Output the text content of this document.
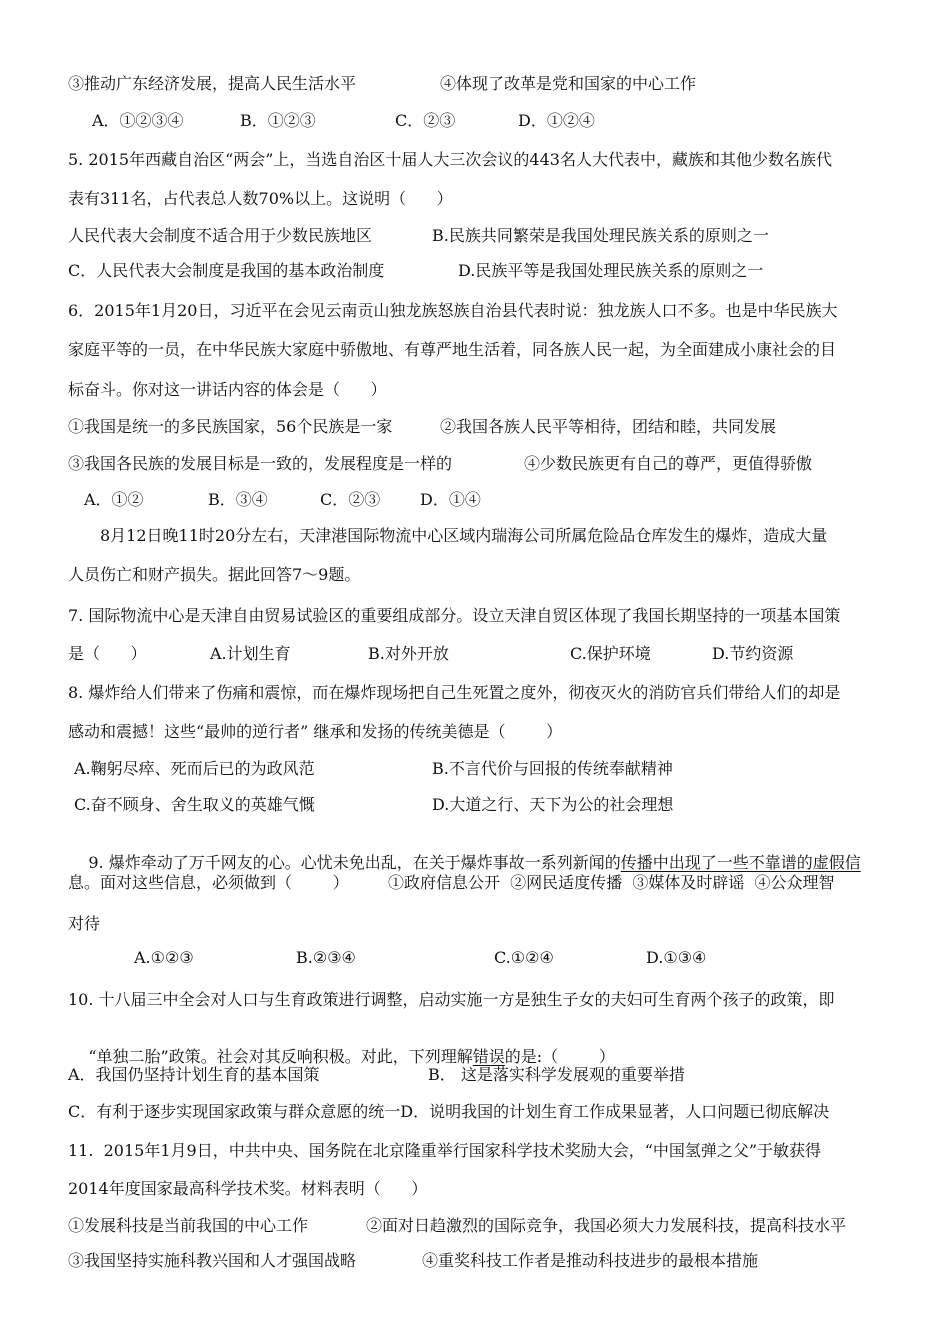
③推动广东经济发展，提高人民生活水平	④体现了改革是党和国家的中心工作
A．①②③④	B．①②③	C．②③	D．①②④
5. 2015年西藏自治区“两会”上，当选自治区十届人大三次会议的443名人大代表中，藏族和其他少数名族代
表有311名，占代表总人数70%以上。这说明（      ）
人民代表大会制度不适合用于少数民族地区	B.民族共同繁荣是我国处理民族关系的原则之一
C．人民代表大会制度是我国的基本政治制度	D.民族平等是我国处理民族关系的原则之一
6．2015年1月20日，习近平在会见云南贡山独龙族怒族自治县代表时说：独龙族人口不多。也是中华民族大
家庭平等的一员，在中华民族大家庭中骄傲地、有尊严地生活着，同各族人民一起，为全面建成小康社会的目
标奋斗。你对这一讲话内容的体会是（      ）
①我国是统一的多民族国家，56个民族是一家	②我国各族人民平等相待，团结和睦，共同发展
③我国各民族的发展目标是一致的，发展程度是一样的	④少数民族更有自己的尊严，更值得骄傲
A．①②	B．③④	C．②③ D．①④
8月12日晚11时20分左右，天津港国际物流中心区域内瑞海公司所属危险品仓库发生的爆炸，造成大量
人员伤亡和财产损失。据此回答7～9题。
7. 国际物流中心是天津自由贸易试验区的重要组成部分。设立天津自贸区体现了我国长期坚持的一项基本国策
是（      ）	A.计划生育	B.对外开放	C.保护环境	D.节约资源
8. 爆炸给人们带来了伤痛和震惊，而在爆炸现场把自己生死置之度外，彻夜灭火的消防官兵们带给人们的却是
感动和震撼！这些“最帅的逆行者” 继承和发扬的传统美德是（        ）
A.鞠躬尽瘁、死而后已的为政风范	B.不言代价与回报的传统奉献精神
C.奋不顾身、舍生取义的英雄气慨	D.大道之行、天下为公的社会理想

9. 爆炸牵动了万千网友的心。心忧未免出乱，在关于爆炸事故一系列新闻的传播中出现了一些不靠谱的虚假信

息。面对这些信息，必须做到（        ） ①政府信息公开  ②网民适度传播  ③媒体及时辟谣  ④公众理智
对待
A.①②③	B.②③④	C.①②④	D.①③④
10. 十八届三中全会对人口与生育政策进行调整，启动实施一方是独生子女的夫妇可生育两个孩子的政策，即

“单独二胎”政策。社会对其反响积极。对此，下列理解错误的是:（        ）

A．我国仍坚持计划生育的基本国策	B． 这是落实科学发展观的重要举措
C．有利于逐步实现国家政策与群众意愿的统一D．说明我国的计划生育工作成果显著，人口问题已彻底解决
11.  2015年1月9日，中共中央、国务院在北京隆重举行国家科学技术奖励大会，“中国氢弹之父”于敏获得
2014年度国家最高科学技术奖。材料表明（      ）
①发展科技是当前我国的中心工作	②面对日趋激烈的国际竞争，我国必须大力发展科技，提高科技水平
③我国坚持实施科教兴国和人才强国战略	④重奖科技工作者是推动科技进步的最根本措施
